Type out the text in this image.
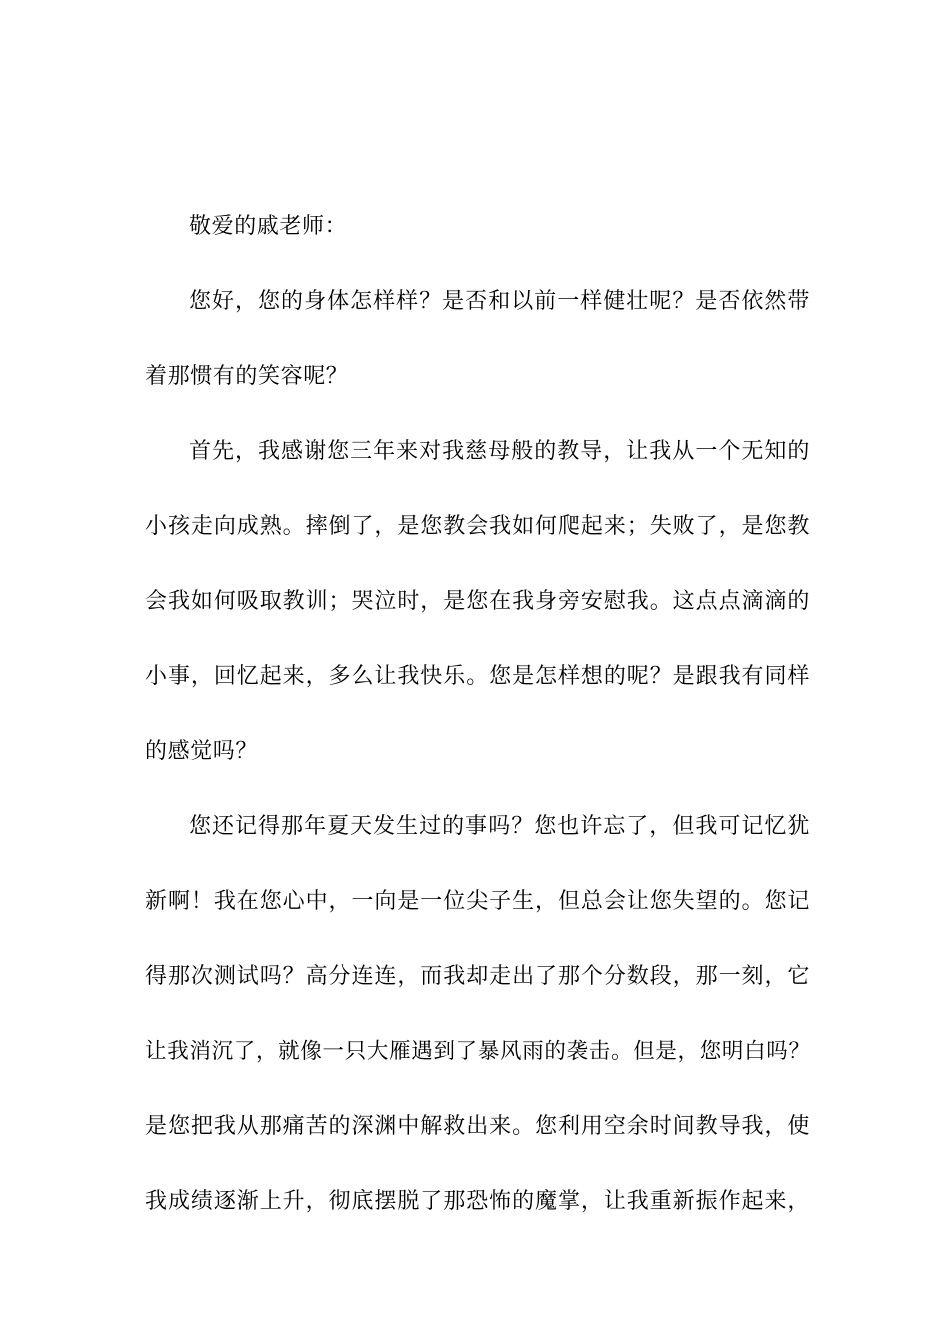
敬爱的戚老师：
您好，您的身体怎样样？是否和以前一样健壮呢？是否依然带
着那惯有的笑容呢？
首先，我感谢您三年来对我慈母般的教导，让我从一个无知的
小孩走向成熟。摔倒了，是您教会我如何爬起来；失败了，是您教
会我如何吸取教训；哭泣时，是您在我身旁安慰我。这点点滴滴的
小事，回忆起来，多么让我快乐。您是怎样想的呢？是跟我有同样
的感觉吗？
您还记得那年夏天发生过的事吗？您也许忘了，但我可记忆犹
新啊！我在您心中，一向是一位尖子生，但总会让您失望的。您记
得那次测试吗？高分连连，而我却走出了那个分数段，那一刻，它
让我消沉了，就像一只大雁遇到了暴风雨的袭击。但是，您明白吗？
是您把我从那痛苦的深渊中解救出来。您利用空余时间教导我，使
我成绩逐渐上升，彻底摆脱了那恐怖的魔掌，让我重新振作起来，
